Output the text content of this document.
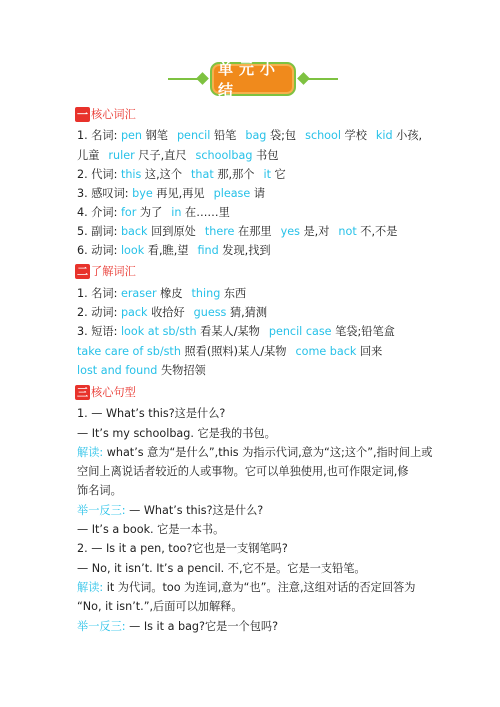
单元小结
一 核心词汇
1. 名词: pen 钢笔 pencil 铅笔 bag 袋;包 school 学校 kid 小孩,
儿童 ruler 尺子,直尺 schoolbag 书包
2. 代词: this 这,这个 that 那,那个 it 它
3. 感叹词: bye 再见,再见 please 请
4. 介词: for 为了 in 在……里
5. 副词: back 回到原处 there 在那里 yes 是,对 not 不,不是
6. 动词: look 看,瞧,望 find 发现,找到
二 了解词汇
1. 名词: eraser 橡皮 thing 东西
2. 动词: pack 收拾好 guess 猜,猜测
3. 短语: look at sb/sth 看某人/某物 pencil case 笔袋;铅笔盒
take care of sb/sth 照看(照料)某人/某物 come back 回来
lost and found 失物招领
三 核心句型
1. — What’s this?这是什么?
— It’s my schoolbag. 它是我的书包。
解读: what’s 意为“是什么”,this 为指示代词,意为“这;这个”,指时间上或
空间上离说话者较近的人或事物。它可以单独使用,也可作限定词,修
饰名词。
举一反三: — What’s this?这是什么?
— It’s a book. 它是一本书。
2. — Is it a pen, too?它也是一支钢笔吗?
— No, it isn’t. It’s a pencil. 不,它不是。它是一支铅笔。
解读: it 为代词。too 为连词,意为“也”。注意,这组对话的否定回答为
“No, it isn’t.”,后面可以加解释。
举一反三: — Is it a bag?它是一个包吗?
